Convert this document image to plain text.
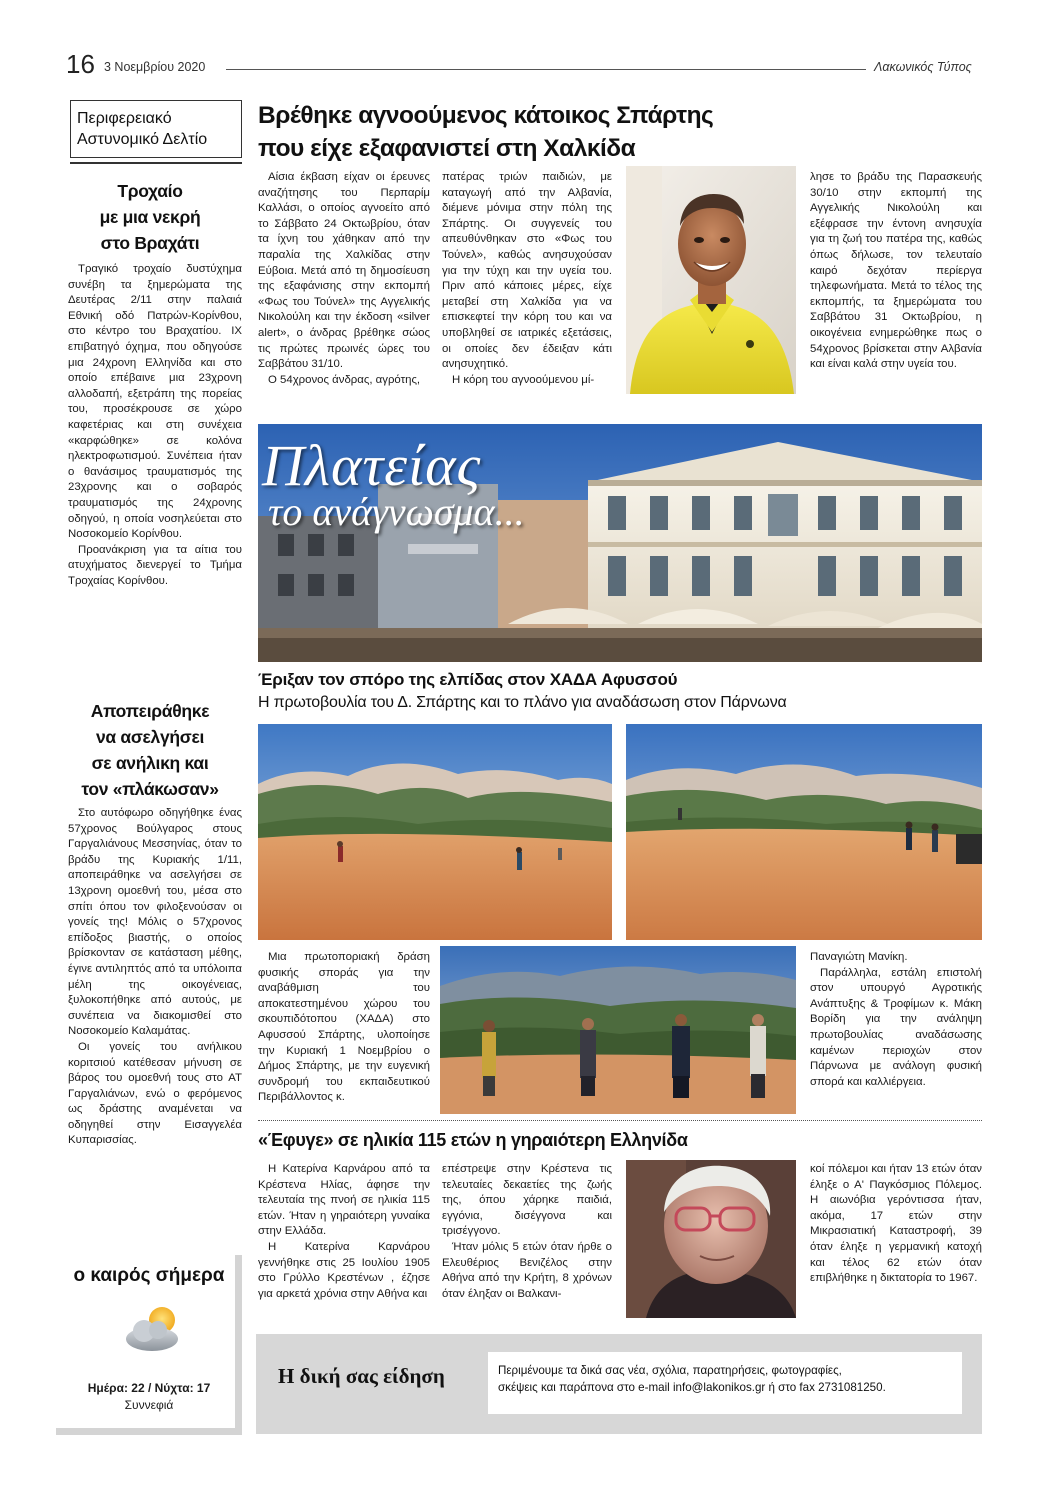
16 3 Νοεμβρίου 2020	Λακωνικός Τύπος
Περιφερειακό
Αστυνομικό Δελτίο
Τροχαίο
με μια νεκρή
στο Βραχάτι

Τραγικό τροχαίο δυστύχημα συνέβη τα ξημερώματα της Δευτέρας 2/11 στην παλαιά Εθνική οδό Πατρών-Κορίνθου, στο κέντρο του Βραχατίου. ΙΧ επιβατηγό όχημα, που οδηγούσε μια 24χρονη Ελληνίδα και στο οποίο επέβαινε μια 23χρονη αλλοδαπή, εξετράπη της πορείας του, προσέκρουσε σε χώρο καφετέριας και στη συνέχεια «καρφώθηκε» σε κολόνα ηλεκτροφωτισμού. Συνέπεια ήταν ο θανάσιμος τραυματισμός της 23χρονης και ο σοβαρός τραυματισμός της 24χρονης οδηγού, η οποία νοσηλεύεται στο Νοσοκομείο Κορίνθου.

Προανάκριση για τα αίτια του ατυχήματος διενεργεί το Τμήμα Τροχαίας Κορίνθου.

Αποπειράθηκε
να ασελγήσει
σε ανήλικη και
τον «πλάκωσαν»

Στο αυτόφωρο οδηγήθηκε ένας 57χρονος Βούλγαρος στους Γαργαλιάνους Μεσσηνίας, όταν το βράδυ της Κυριακής 1/11, αποπειράθηκε να ασελγήσει σε 13χρονη ομοεθνή του, μέσα στο σπίτι όπου τον φιλοξενούσαν οι γονείς της! Μόλις ο 57χρονος επίδοξος βιαστής, ο οποίος βρίσκονταν σε κατάσταση μέθης, έγινε αντιληπτός από τα υπόλοιπα μέλη της οικογένειας, ξυλοκοπήθηκε από αυτούς, με συνέπεια να διακομισθεί στο Νοσοκομείο Καλαμάτας.

Οι γονείς του ανήλικου κοριτσιού κατέθεσαν μήνυση σε βάρος του ομοεθνή τους στο ΑΤ Γαργαλιάνων, ενώ ο φερόμενος ως δράστης αναμένεται να οδηγηθεί στην Εισαγγελέα Κυπαρισσίας.

ο καιρός σήμερα
Ημέρα: 22 / Νύχτα: 17
Συννεφιά
Βρέθηκε αγνοούμενος κάτοικος Σπάρτης
που είχε εξαφανιστεί στη Χαλκίδα

Αίσια έκβαση είχαν οι έρευνες αναζήτησης του Περπαρίμ Καλλάσι, ο οποίος αγνοείτο από το Σάββατο 24 Οκτωβρίου, όταν τα ίχνη του χάθηκαν από την παραλία της Χαλκίδας στην Εύβοια. Μετά από τη δημοσίευση της εξαφάνισης στην εκπομπή «Φως του Τούνελ» της Αγγελικής Νικολούλη και την έκδοση «silver alert», ο άνδρας βρέθηκε σώος τις πρώτες πρωινές ώρες του Σαββάτου 31/10.

Ο 54χρονος άνδρας, αγρότης,

πατέρας τριών παιδιών, με καταγωγή από την Αλβανία, διέμενε μόνιμα στην πόλη της Σπάρτης. Οι συγγενείς του απευθύνθηκαν στο «Φως του Τούνελ», καθώς ανησυχούσαν για την τύχη και την υγεία του. Πριν από κάποιες μέρες, είχε μεταβεί στη Χαλκίδα για να επισκεφτεί την κόρη του και να υποβληθεί σε ιατρικές εξετάσεις, οι οποίες δεν έδειξαν κάτι ανησυχητικό.

Η κόρη του αγνοούμενου μί-

λησε το βράδυ της Παρασκευής 30/10 στην εκπομπή της Αγγελικής Νικολούλη και εξέφρασε την έντονη ανησυχία για τη ζωή του πατέρα της, καθώς όπως δήλωσε, τον τελευταίο καιρό δεχόταν περίεργα τηλεφωνήματα. Μετά το τέλος της εκπομπής, τα ξημερώματα του Σαββάτου 31 Οκτωβρίου, η οικογένεια ενημερώθηκε πως ο 54χρονος βρίσκεται στην Αλβανία και είναι καλά στην υγεία του.

Πλατείας
το ανάγνωσμα...
Έριξαν τον σπόρο της ελπίδας στον ΧΑΔΑ Αφυσσού
Η πρωτοβουλία του Δ. Σπάρτης και το πλάνο για αναδάσωση στον Πάρνωνα

Μια πρωτοποριακή δράση φυσικής σποράς για την αναβάθμιση του αποκατεστημένου χώρου του σκουπιδότοπου (ΧΑΔΑ) στο Αφυσσού Σπάρτης, υλοποίησε την Κυριακή 1 Νοεμβρίου ο Δήμος Σπάρτης, με την ευγενική συνδρομή του εκπαιδευτικού Περιβάλλοντος κ.

Παναγιώτη Μανίκη.

Παράλληλα, εστάλη επιστολή στον υπουργό Αγροτικής Ανάπτυξης & Τροφίμων κ. Μάκη Βορίδη για την ανάληψη πρωτοβουλίας αναδάσωσης καμένων περιοχών στον Πάρνωνα με ανάλογη φυσική σπορά και καλλιέργεια.

«Έφυγε» σε ηλικία 115 ετών η γηραιότερη Ελληνίδα

Η Κατερίνα Καρνάρου από τα Κρέστενα Ηλίας, άφησε την τελευταία της πνοή σε ηλικία 115 ετών. Ήταν η γηραιότερη γυναίκα στην Ελλάδα.

Η Κατερίνα Καρνάρου γεννήθηκε στις 25 Ιουλίου 1905 στο Γρύλλο Κρεστένων , έζησε για αρκετά χρόνια στην Αθήνα και

επέστρεψε στην Κρέστενα τις τελευταίες δεκαετίες της ζωής της, όπου χάρηκε παιδιά, εγγόνια, δισέγγονα και τρισέγγονο.

Ήταν μόλις 5 ετών όταν ήρθε ο Ελευθέριος Βενιζέλος στην Αθήνα από την Κρήτη, 8 χρόνων όταν έληξαν οι Βαλκανι-

κοί πόλεμοι και ήταν 13 ετών όταν έληξε ο Α' Παγκόσμιος Πόλεμος. Η αιωνόβια γερόντισσα ήταν, ακόμα, 17 ετών στην Μικρασιατική Καταστροφή, 39 όταν έληξε η γερμανική κατοχή και τέλος 62 ετών όταν επιβλήθηκε η δικτατορία το 1967.

Η δική σας είδηση	Περιμένουμε τα δικά σας νέα, σχόλια, παρατηρήσεις, φωτογραφίες,
σκέψεις και παράπονα στο e-mail info@lakonikos.gr ή στο fax 2731081250.
